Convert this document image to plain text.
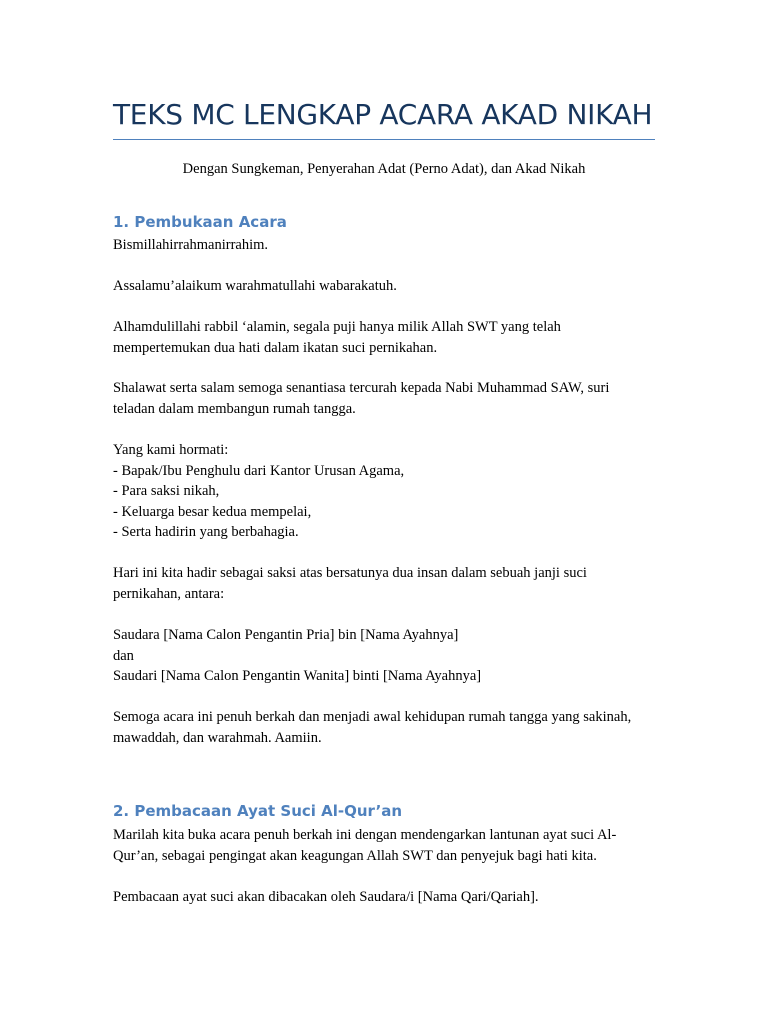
TEKS MC LENGKAP ACARA AKAD NIKAH
Dengan Sungkeman, Penyerahan Adat (Perno Adat), dan Akad Nikah
1. Pembukaan Acara
Bismillahirrahmanirrahim.
Assalamu’alaikum warahmatullahi wabarakatuh.
Alhamdulillahi rabbil ‘alamin, segala puji hanya milik Allah SWT yang telah
mempertemukan dua hati dalam ikatan suci pernikahan.
Shalawat serta salam semoga senantiasa tercurah kepada Nabi Muhammad SAW, suri
teladan dalam membangun rumah tangga.
Yang kami hormati:
- Bapak/Ibu Penghulu dari Kantor Urusan Agama,
- Para saksi nikah,
- Keluarga besar kedua mempelai,
- Serta hadirin yang berbahagia.
Hari ini kita hadir sebagai saksi atas bersatunya dua insan dalam sebuah janji suci
pernikahan, antara:
Saudara [Nama Calon Pengantin Pria] bin [Nama Ayahnya]
dan
Saudari [Nama Calon Pengantin Wanita] binti [Nama Ayahnya]
Semoga acara ini penuh berkah dan menjadi awal kehidupan rumah tangga yang sakinah,
mawaddah, dan warahmah. Aamiin.
2. Pembacaan Ayat Suci Al-Qur’an
Marilah kita buka acara penuh berkah ini dengan mendengarkan lantunan ayat suci Al-
Qur’an, sebagai pengingat akan keagungan Allah SWT dan penyejuk bagi hati kita.
Pembacaan ayat suci akan dibacakan oleh Saudara/i [Nama Qari/Qariah].
